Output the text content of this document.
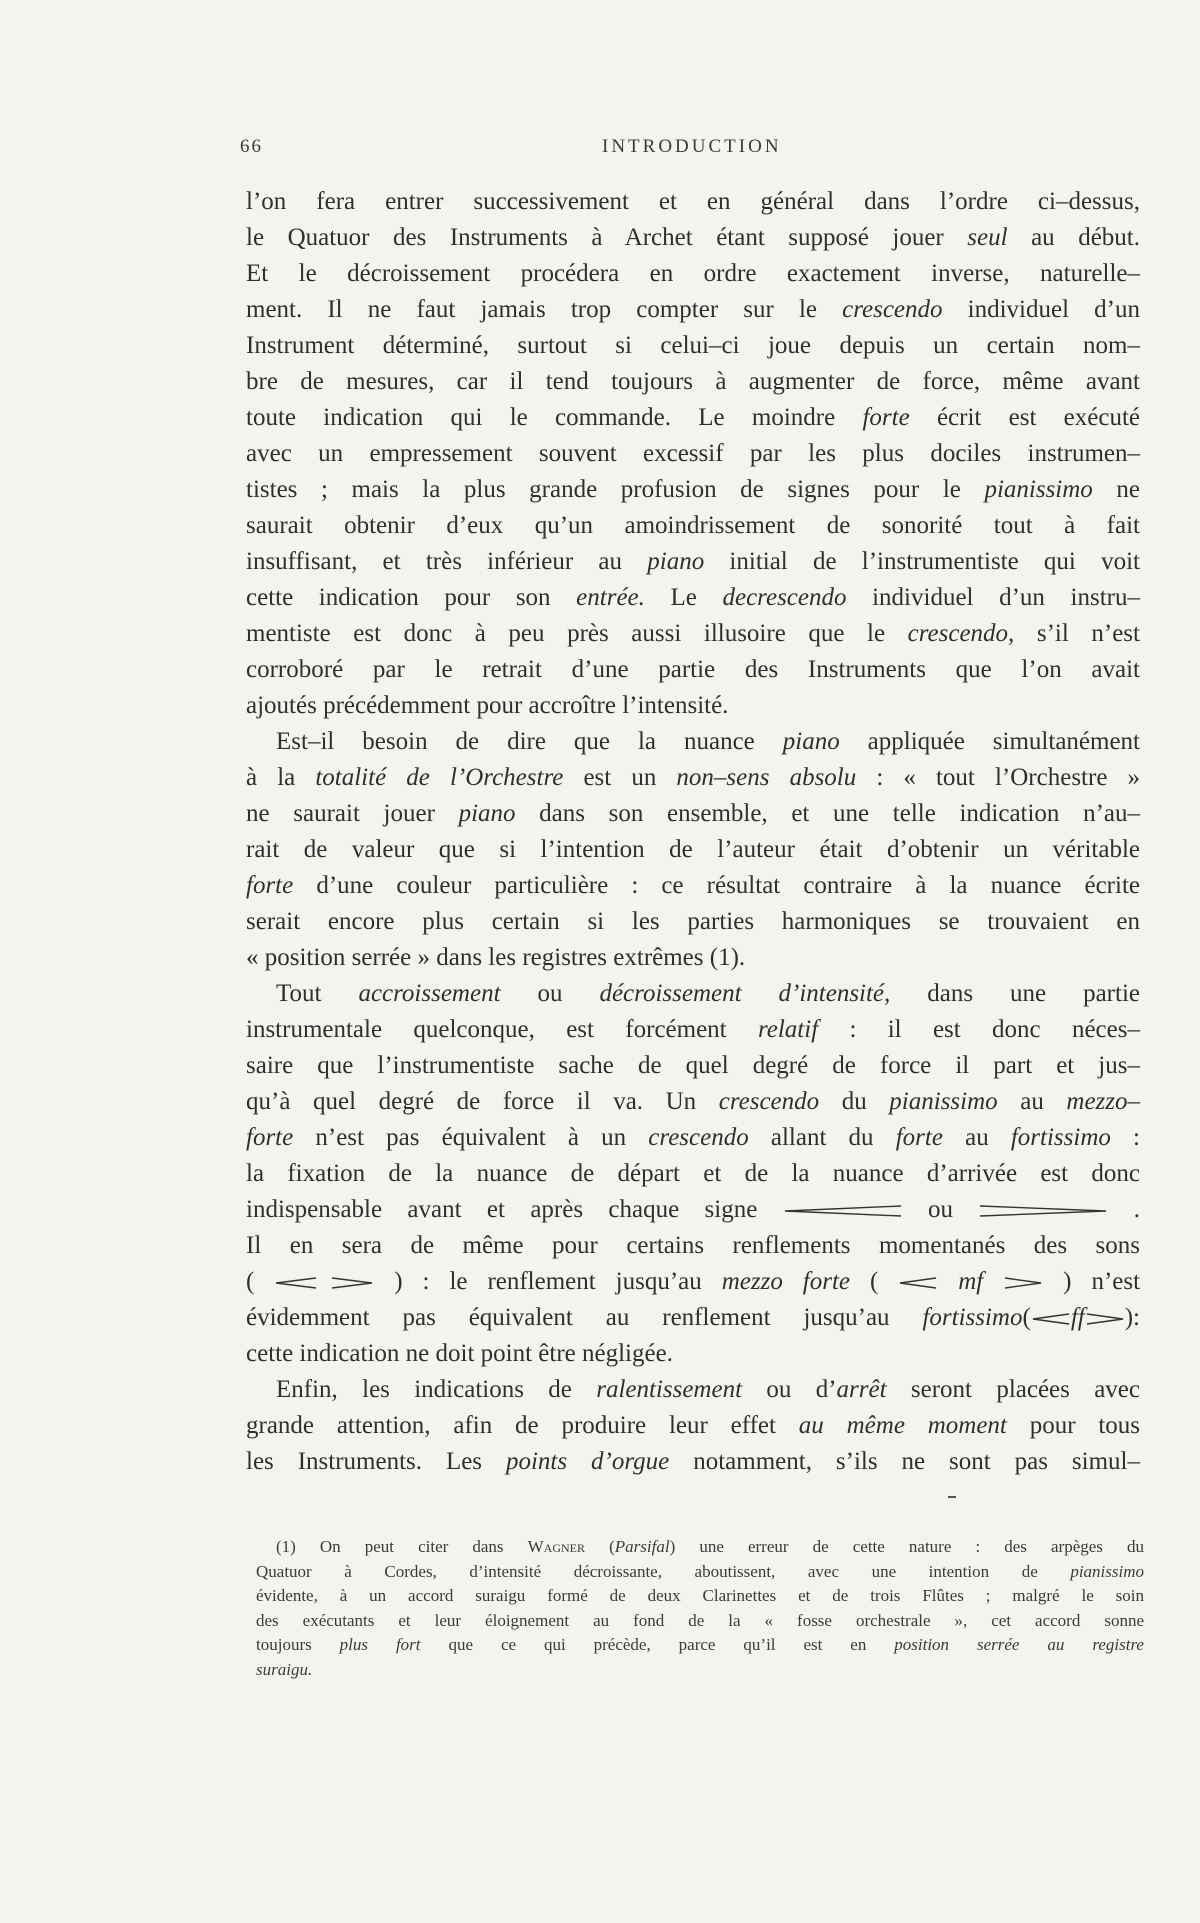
66	INTRODUCTION
l’on fera entrer successivement et en général dans l’ordre ci–dessus,
le Quatuor des Instruments à Archet étant supposé jouer seul au début.
Et le décroissement procédera en ordre exactement inverse, naturelle–
ment. Il ne faut jamais trop compter sur le crescendo individuel d’un
Instrument déterminé, surtout si celui–ci joue depuis un certain nom–
bre de mesures, car il tend toujours à augmenter de force, même avant
toute indication qui le commande. Le moindre forte écrit est exécuté
avec un empressement souvent excessif par les plus dociles instrumen–
tistes ; mais la plus grande profusion de signes pour le pianissimo ne
saurait obtenir d’eux qu’un amoindrissement de sonorité tout à fait
insuffisant, et très inférieur au piano initial de l’instrumentiste qui voit
cette indication pour son entrée. Le decrescendo individuel d’un instru–
mentiste est donc à peu près aussi illusoire que le crescendo, s’il n’est
corroboré par le retrait d’une partie des Instruments que l’on avait
ajoutés précédemment pour accroître l’intensité.
Est–il besoin de dire que la nuance piano appliquée simultanément
à la totalité de l’Orchestre est un non–sens absolu : « tout l’Orchestre »
ne saurait jouer piano dans son ensemble, et une telle indication n’au–
rait de valeur que si l’intention de l’auteur était d’obtenir un véritable
forte d’une couleur particulière : ce résultat contraire à la nuance écrite
serait encore plus certain si les parties harmoniques se trouvaient en
« position serrée » dans les registres extrêmes (1).
Tout accroissement ou décroissement d’intensité, dans une partie
instrumentale quelconque, est forcément relatif : il est donc néces–
saire que l’instrumentiste sache de quel degré de force il part et jus–
qu’à quel degré de force il va. Un crescendo du pianissimo au mezzo–
forte n’est pas équivalent à un crescendo allant du forte au fortissimo :
la fixation de la nuance de départ et de la nuance d’arrivée est donc
indispensable avant et après chaque signe	ou	.
Il en sera de même pour certains renflements momentanés des sons
(	) : le renflement jusqu’au mezzo forte (  mf  ) n’est
évidemment pas équivalent au renflement jusqu’au fortissimo( ff ):
cette indication ne doit point être négligée.
Enfin, les indications de ralentissement ou d’arrêt seront placées avec
grande attention, afin de produire leur effet au même moment pour tous
les Instruments. Les points d’orgue notamment, s’ils ne sont pas simul–
(1) On peut citer dans Wagner (Parsifal) une erreur de cette nature : des arpèges du
Quatuor à Cordes, d’intensité décroissante, aboutissent, avec une intention de pianissimo
évidente, à un accord suraigu formé de deux Clarinettes et de trois Flûtes ; malgré le soin
des exécutants et leur éloignement au fond de la « fosse orchestrale », cet accord sonne
toujours plus fort que ce qui précède, parce qu’il est en position serrée au registre
suraigu.
